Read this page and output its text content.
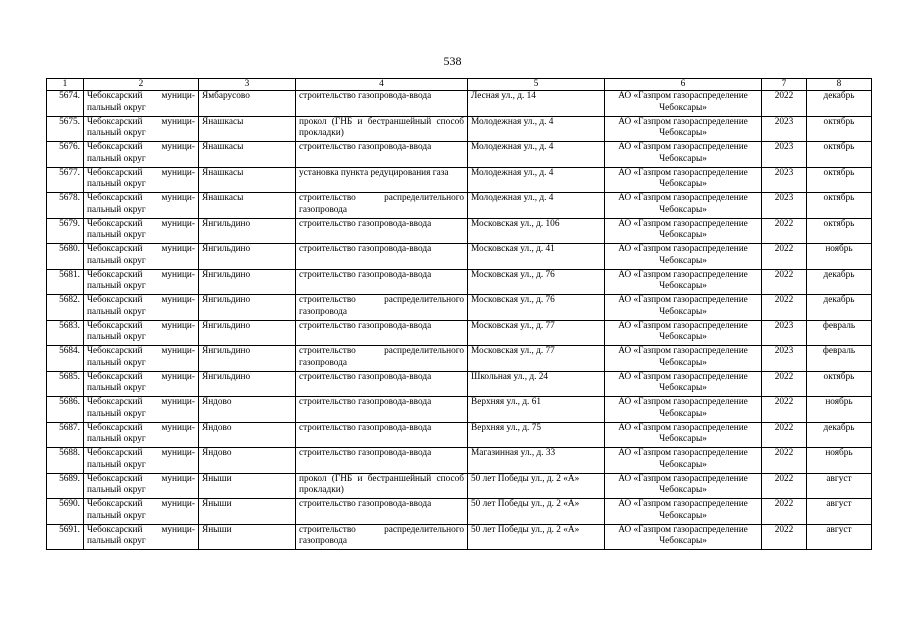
538
1	2	3	4	5	6	7	8
5674.	Чебоксарский муници-пальный округ	Ямбарусово	строительство газопровода-ввода	Лесная ул., д. 14	АО «Газпром газораспределение Чебоксары»	2022	декабрь
5675.	Чебоксарский муници-пальный округ	Янашкасы	прокол (ГНБ и бестраншейный способ прокладки)	Молодежная ул., д. 4	АО «Газпром газораспределение Чебоксары»	2023	октябрь
5676.	Чебоксарский муници-пальный округ	Янашкасы	строительство газопровода-ввода	Молодежная ул., д. 4	АО «Газпром газораспределение Чебоксары»	2023	октябрь
5677.	Чебоксарский муници-пальный округ	Янашкасы	установка пункта редуцирования газа	Молодежная ул., д. 4	АО «Газпром газораспределение Чебоксары»	2023	октябрь
5678.	Чебоксарский муници-пальный округ	Янашкасы	строительство распределительного газопровода	Молодежная ул., д. 4	АО «Газпром газораспределение Чебоксары»	2023	октябрь
5679.	Чебоксарский муници-пальный округ	Янгильдино	строительство газопровода-ввода	Московская ул., д. 106	АО «Газпром газораспределение Чебоксары»	2022	октябрь
5680.	Чебоксарский муници-пальный округ	Янгильдино	строительство газопровода-ввода	Московская ул., д. 41	АО «Газпром газораспределение Чебоксары»	2022	ноябрь
5681.	Чебоксарский муници-пальный округ	Янгильдино	строительство газопровода-ввода	Московская ул., д. 76	АО «Газпром газораспределение Чебоксары»	2022	декабрь
5682.	Чебоксарский муници-пальный округ	Янгильдино	строительство распределительного газопровода	Московская ул., д. 76	АО «Газпром газораспределение Чебоксары»	2022	декабрь
5683.	Чебоксарский муници-пальный округ	Янгильдино	строительство газопровода-ввода	Московская ул., д. 77	АО «Газпром газораспределение Чебоксары»	2023	февраль
5684.	Чебоксарский муници-пальный округ	Янгильдино	строительство распределительного газопровода	Московская ул., д. 77	АО «Газпром газораспределение Чебоксары»	2023	февраль
5685.	Чебоксарский муници-пальный округ	Янгильдино	строительство газопровода-ввода	Школьная ул., д. 24	АО «Газпром газораспределение Чебоксары»	2022	октябрь
5686.	Чебоксарский муници-пальный округ	Яндово	строительство газопровода-ввода	Верхняя ул., д. 61	АО «Газпром газораспределение Чебоксары»	2022	ноябрь
5687.	Чебоксарский муници-пальный округ	Яндово	строительство газопровода-ввода	Верхняя ул., д. 75	АО «Газпром газораспределение Чебоксары»	2022	декабрь
5688.	Чебоксарский муници-пальный округ	Яндово	строительство газопровода-ввода	Магазинная ул., д. 33	АО «Газпром газораспределение Чебоксары»	2022	ноябрь
5689.	Чебоксарский муници-пальный округ	Яныши	прокол (ГНБ и бестраншейный способ прокладки)	50 лет Победы ул., д. 2 «А»	АО «Газпром газораспределение Чебоксары»	2022	август
5690.	Чебоксарский муници-пальный округ	Яныши	строительство газопровода-ввода	50 лет Победы ул., д. 2 «А»	АО «Газпром газораспределение Чебоксары»	2022	август
5691.	Чебоксарский муници-пальный округ	Яныши	строительство распределительного газопровода	50 лет Победы ул., д. 2 «А»	АО «Газпром газораспределение Чебоксары»	2022	август
